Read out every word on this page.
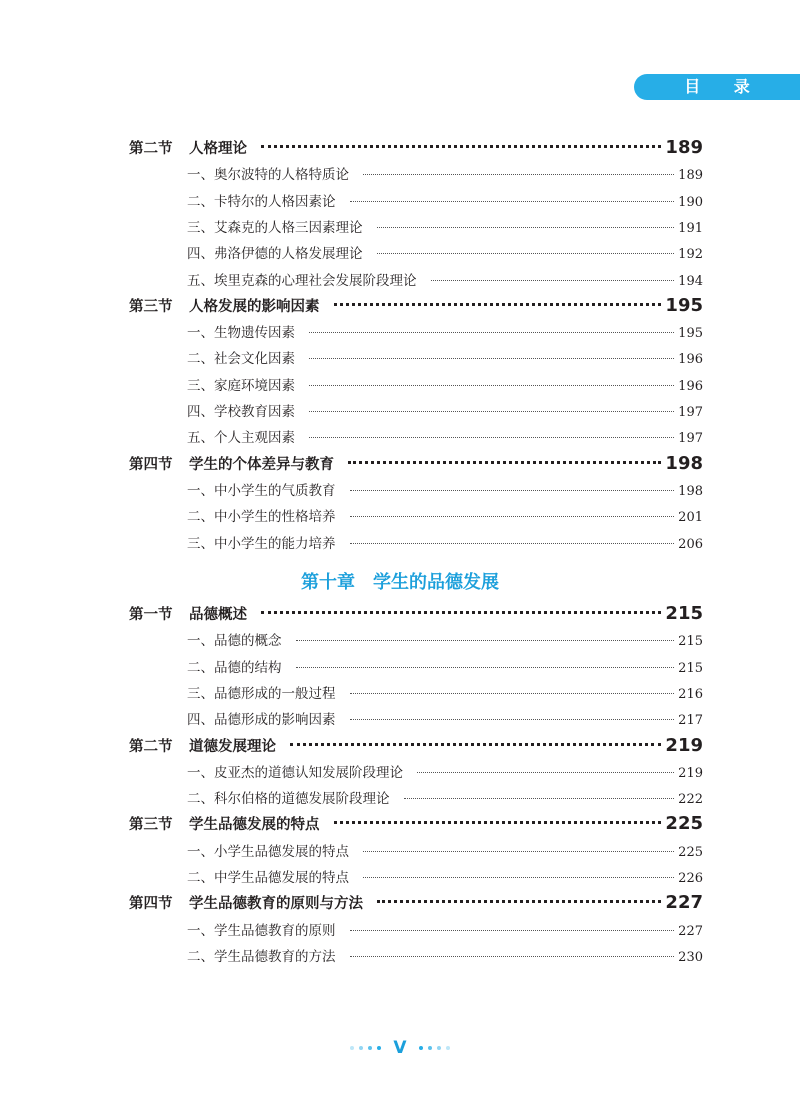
目 录
第二节	人格理论	189
一、奥尔波特的人格特质论	189
二、卡特尔的人格因素论	190
三、艾森克的人格三因素理论	191
四、弗洛伊德的人格发展理论	192
五、埃里克森的心理社会发展阶段理论	194
第三节	人格发展的影响因素	195
一、生物遗传因素	195
二、社会文化因素	196
三、家庭环境因素	196
四、学校教育因素	197
五、个人主观因素	197
第四节	学生的个体差异与教育	198
一、中小学生的气质教育	198
二、中小学生的性格培养	201
三、中小学生的能力培养	206
第一节	品德概述	215
一、品德的概念	215
二、品德的结构	215
三、品德形成的一般过程	216
四、品德形成的影响因素	217
第二节	道德发展理论	219
一、皮亚杰的道德认知发展阶段理论	219
二、科尔伯格的道德发展阶段理论	222
第三节	学生品德发展的特点	225
一、小学生品德发展的特点	225
二、中学生品德发展的特点	226
第四节	学生品德教育的原则与方法	227
一、学生品德教育的原则	227
二、学生品德教育的方法	230
第十章 学生的品德发展
V
